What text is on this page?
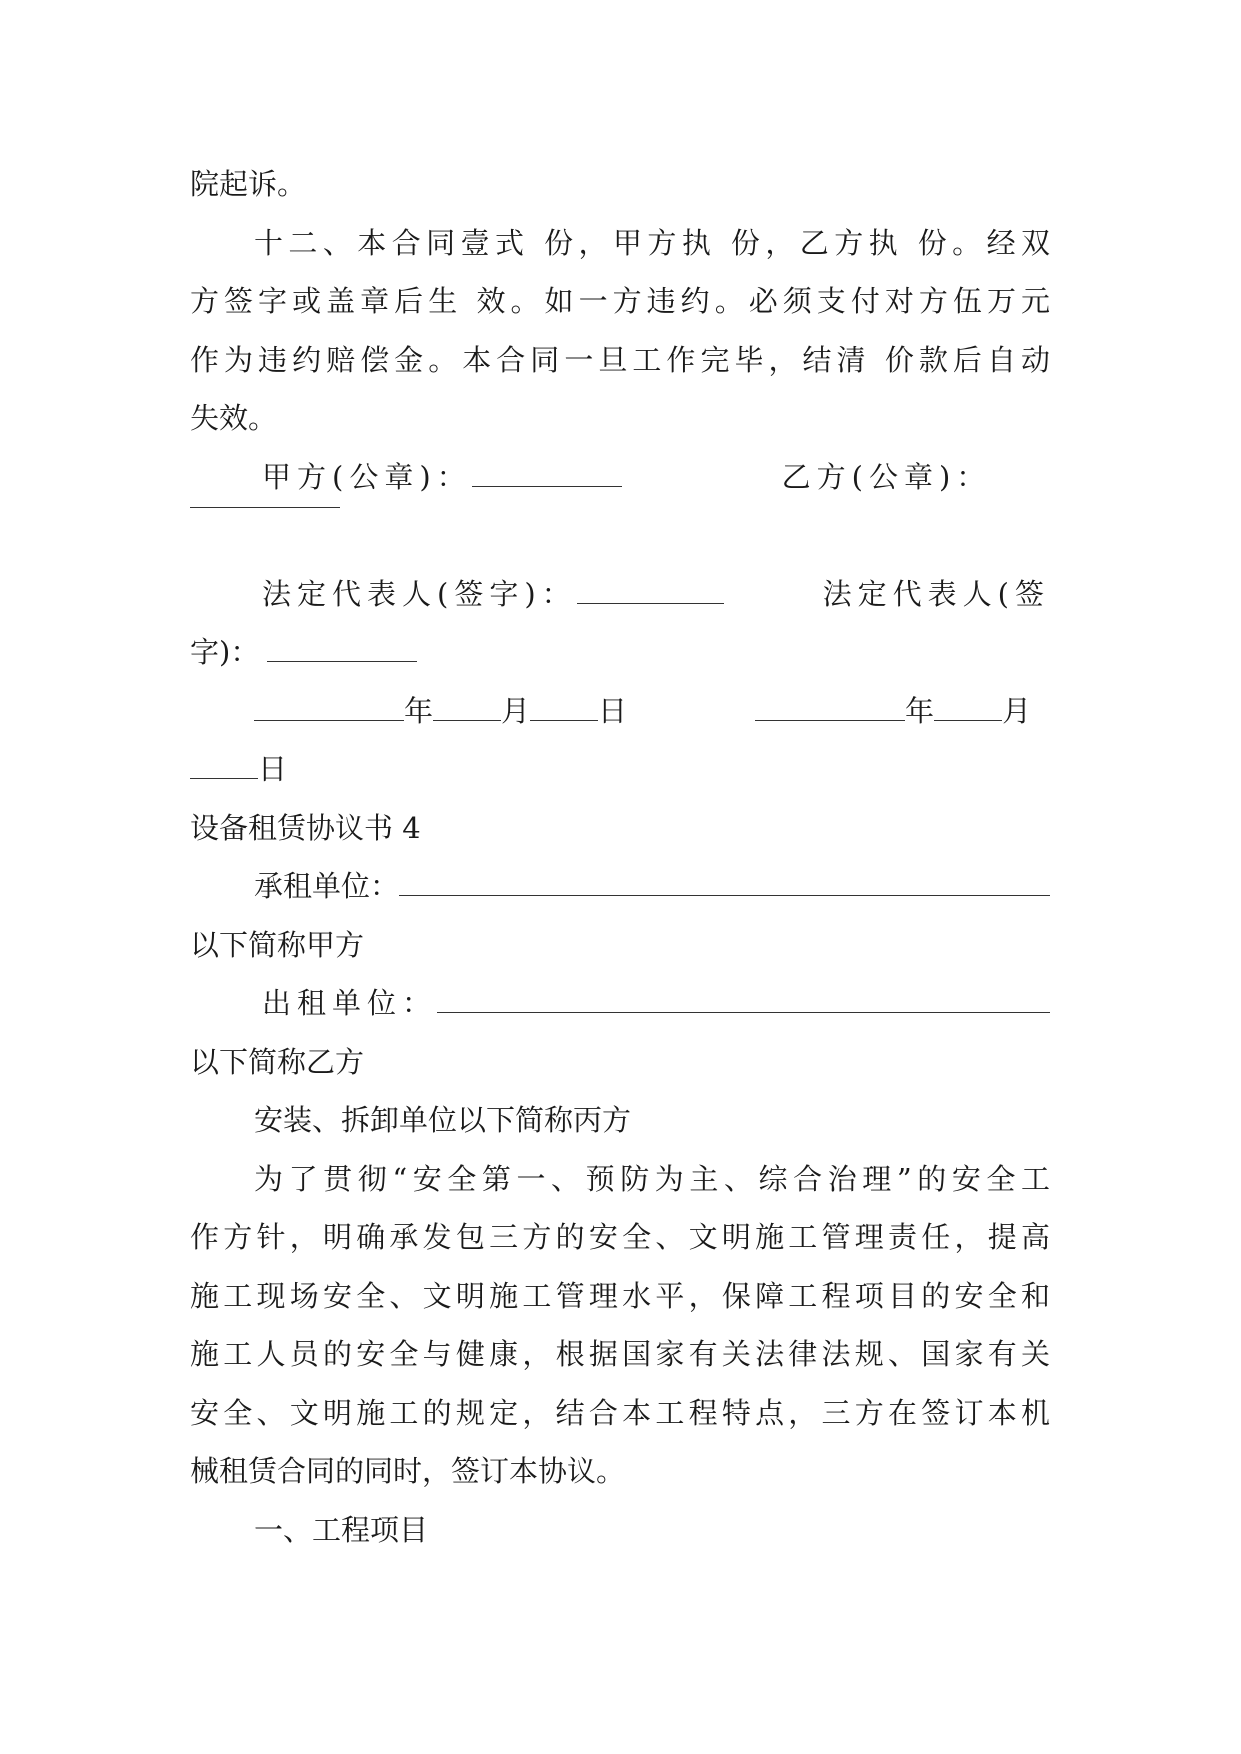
院起诉。
十二、本合同壹式 份，甲方执 份，乙方执 份。经双
方签字或盖章后生 效。如一方违约。必须支付对方伍万元
作为违约赔偿金。本合同一旦工作完毕，结清 价款后自动
失效。
甲方(公章)：	乙方(公章)：
法定代表人(签字)：	法定代表人(签
字)：
年 月 日	年 月
日
设备租赁协议书 4
承租单位：
以下简称甲方
出租单位：
以下简称乙方
安装、拆卸单位以下简称丙方
为了贯彻“安全第一、预防为主、综合治理”的安全工
作方针，明确承发包三方的安全、文明施工管理责任，提高
施工现场安全、文明施工管理水平，保障工程项目的安全和
施工人员的安全与健康，根据国家有关法律法规、国家有关
安全、文明施工的规定，结合本工程特点，三方在签订本机
械租赁合同的同时，签订本协议。
一、工程项目
